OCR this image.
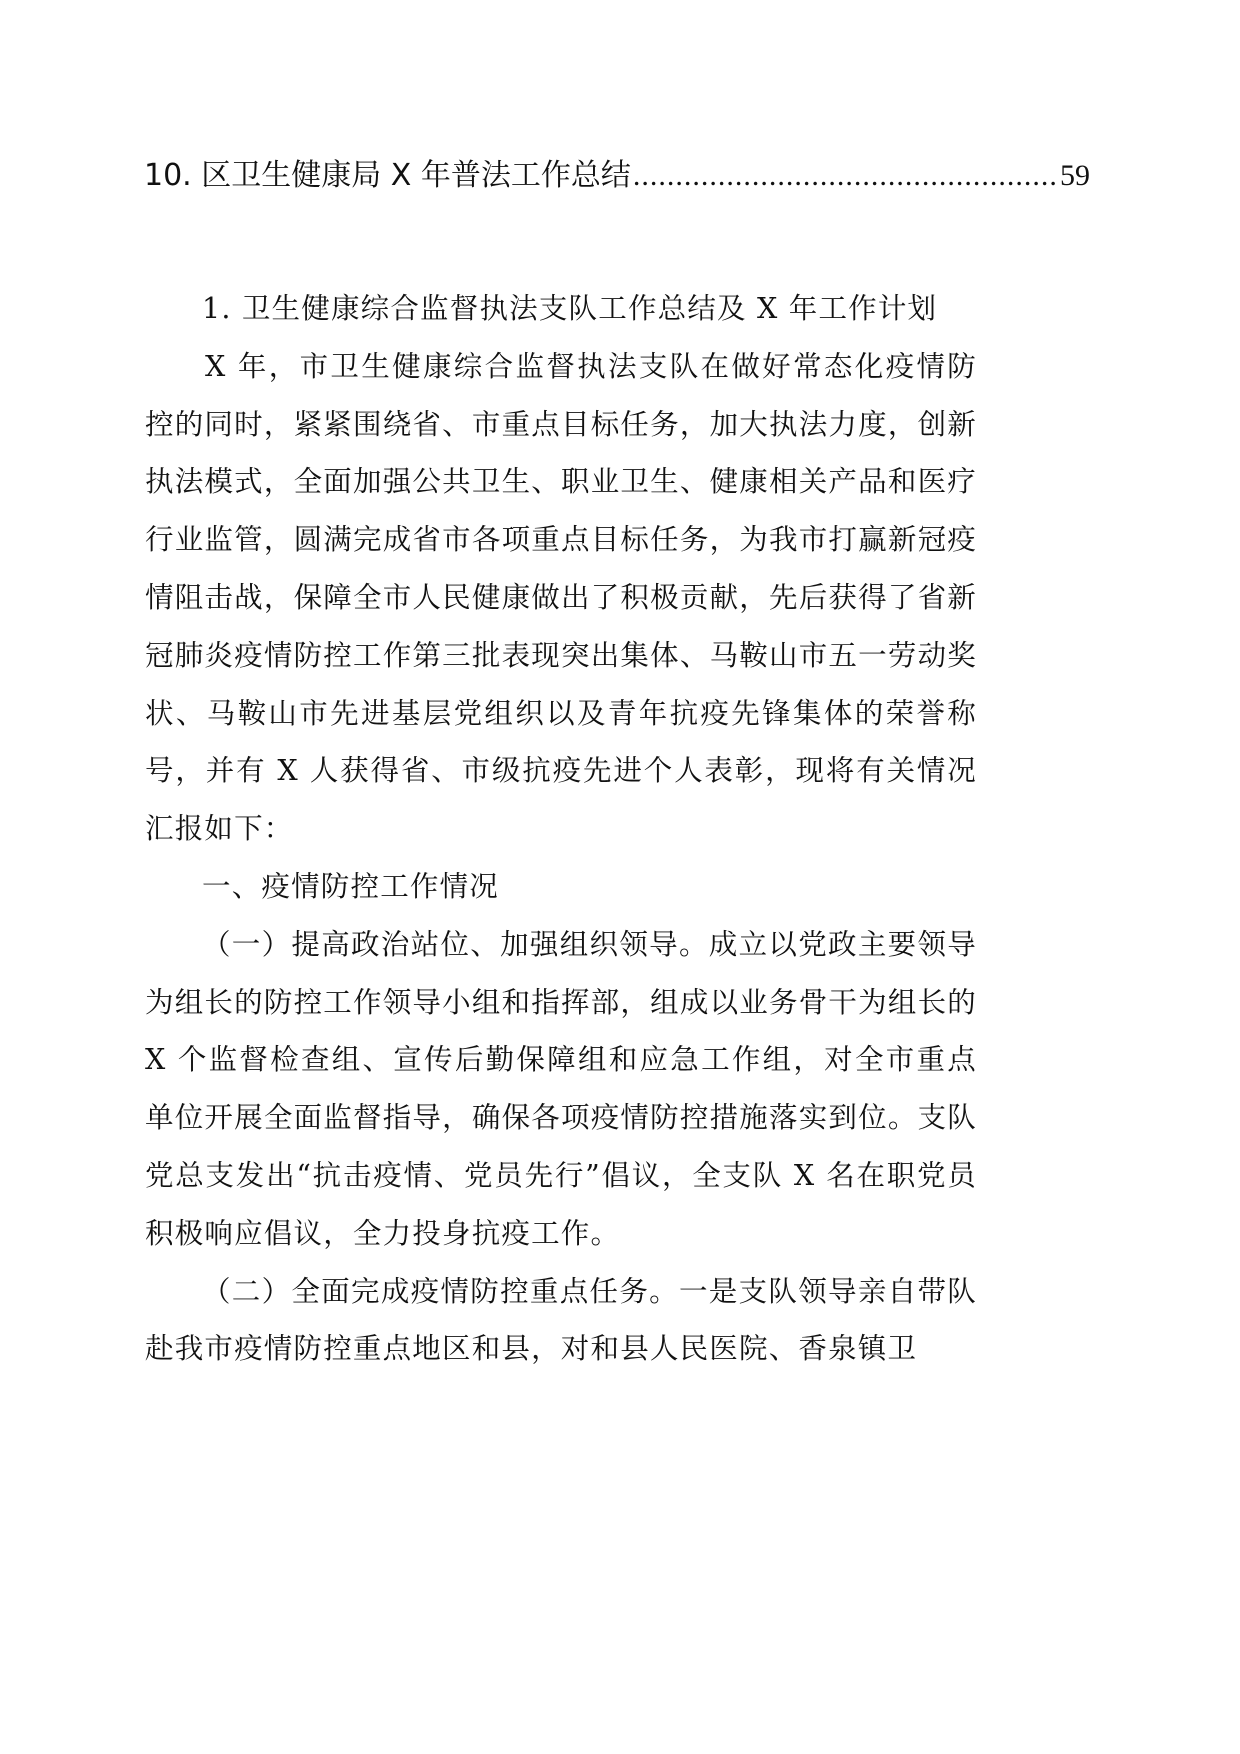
10. 区卫生健康局 X 年普法工作总结
.....	59

1. 卫生健康综合监督执法支队工作总结及 X 年工作计划

X 年，市卫生健康综合监督执法支队在做好常态化疫情防控的同时，紧紧围绕省、市重点目标任务，加大执法力度，创新执法模式，全面加强公共卫生、职业卫生、健康相关产品和医疗行业监管，圆满完成省市各项重点目标任务，为我市打赢新冠疫情阻击战，保障全市人民健康做出了积极贡献，先后获得了省新冠肺炎疫情防控工作第三批表现突出集体、马鞍山市五一劳动奖状、马鞍山市先进基层党组织以及青年抗疫先锋集体的荣誉称号，并有 X 人获得省、市级抗疫先进个人表彰，现将有关情况汇报如下：

一、疫情防控工作情况

（一）提高政治站位、加强组织领导。成立以党政主要领导为组长的防控工作领导小组和指挥部，组成以业务骨干为组长的 X 个监督检查组、宣传后勤保障组和应急工作组，对全市重点单位开展全面监督指导，确保各项疫情防控措施落实到位。支队党总支发出“抗击疫情、党员先行”倡议，全支队 X 名在职党员积极响应倡议，全力投身抗疫工作。

（二）全面完成疫情防控重点任务。一是支队领导亲自带队赴我市疫情防控重点地区和县，对和县人民医院、香泉镇卫
